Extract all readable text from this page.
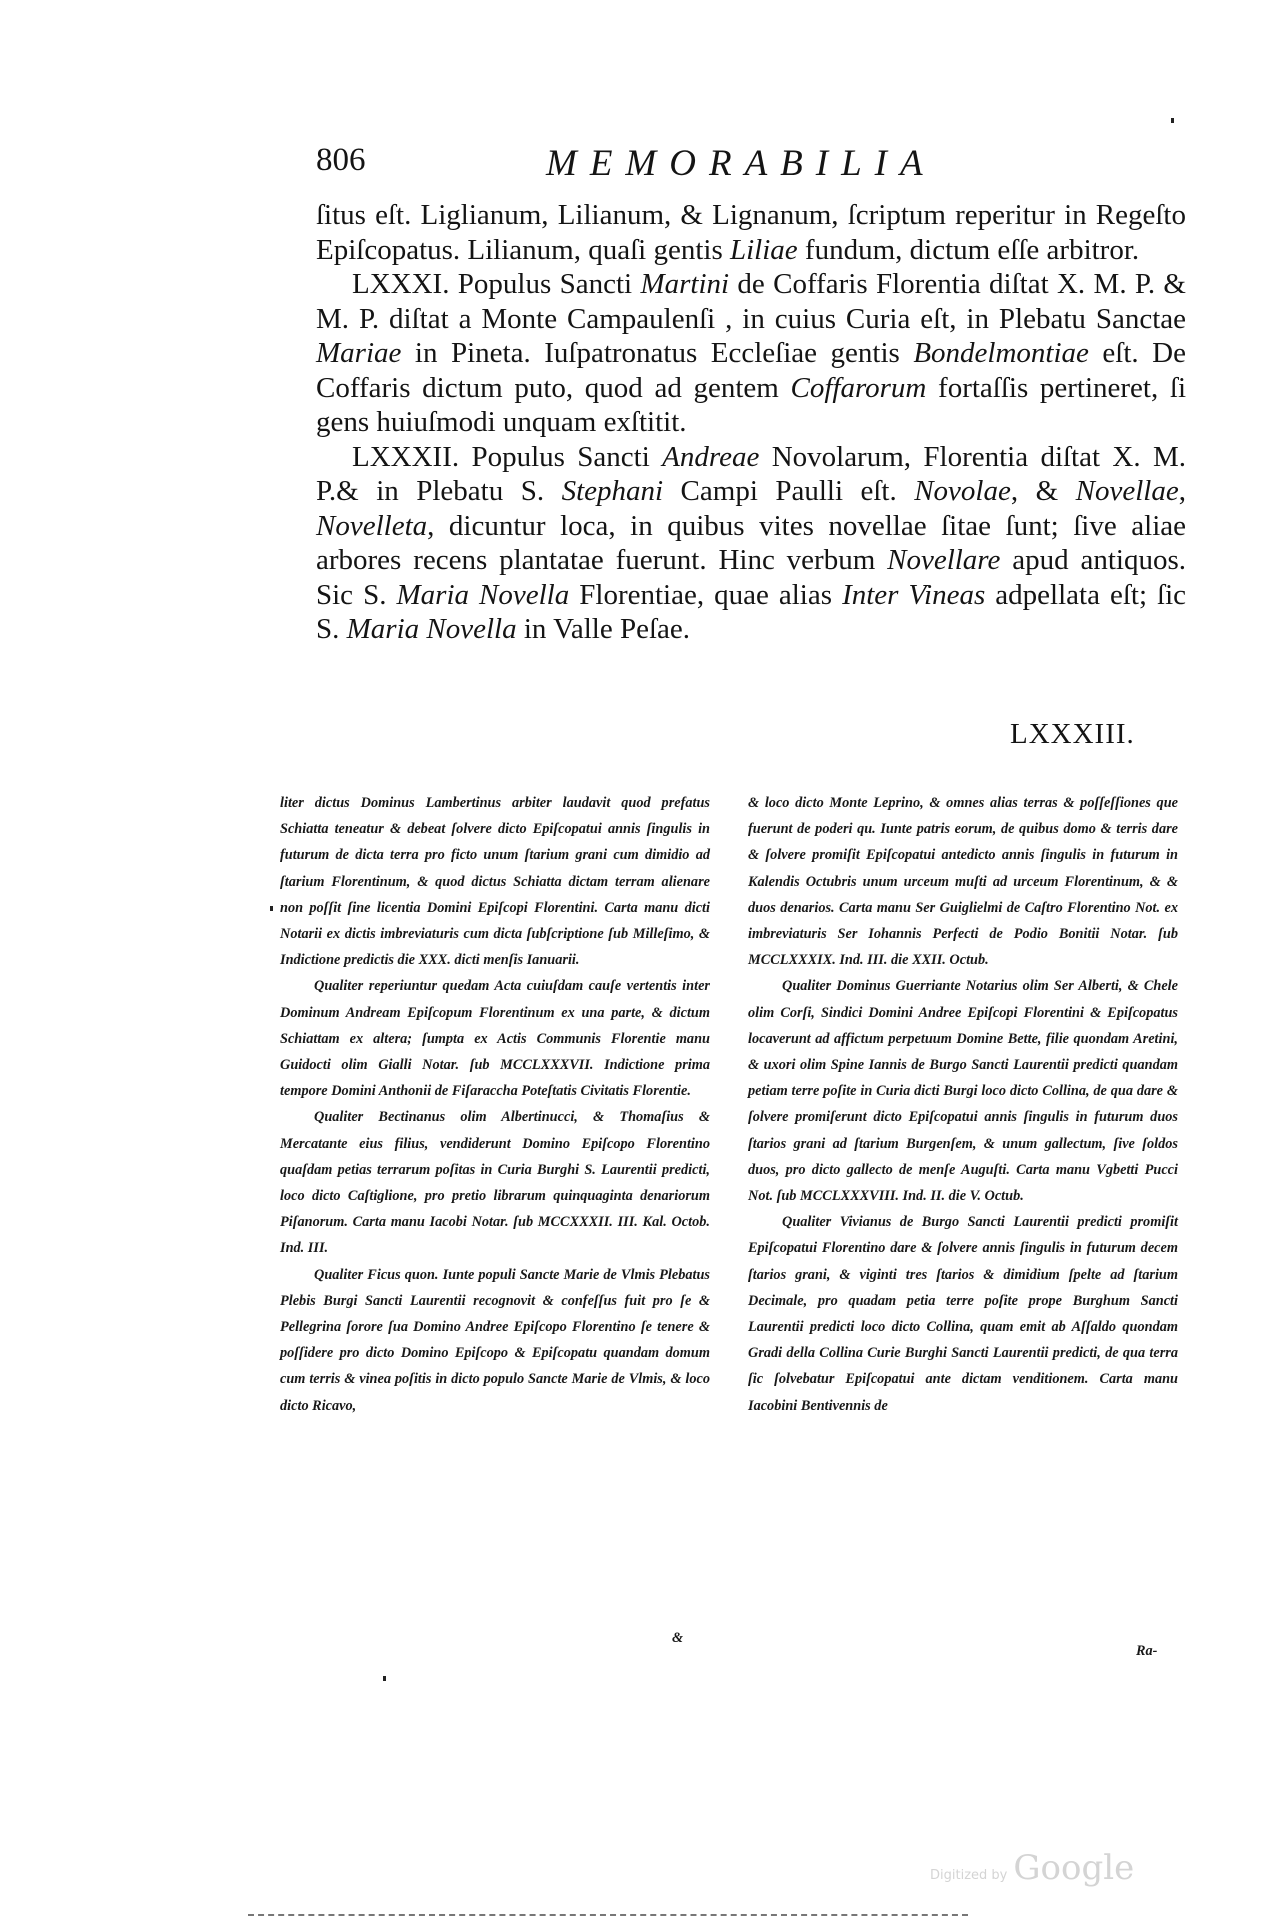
806	MEMORABILIA

ſitus eſt. Liglianum, Lilianum, & Lignanum, ſcriptum reperitur in Regeſto Epiſcopatus. Lilianum, quaſi gentis Liliae fundum, dictum eſſe arbitror.

LXXXI. Populus Sancti Martini de Coffaris Florentia diſtat X. M. P. & M. P. diſtat a Monte Campaulenſi , in cuius Curia eſt, in Plebatu Sanctae Mariae in Pineta. Iuſpatronatus Eccleſiae gentis Bondelmontiae eſt. De Coffaris dictum puto, quod ad gentem Coffarorum fortaſſis pertineret, ſi gens huiuſmodi unquam exſtitit.

LXXXII. Populus Sancti Andreae Novolarum, Florentia diſtat X. M. P.& in Plebatu S. Stephani Campi Paulli eſt. Novolae, & Novellae, Novelleta, dicuntur loca, in quibus vites novellae ſitae ſunt; ſive aliae arbores recens plantatae fuerunt. Hinc verbum Novellare apud antiquos. Sic S. Maria Novella Florentiae, quae alias Inter Vineas adpellata eſt; ſic S. Maria Novella in Valle Peſae.

LXXXIII.

liter dictus Dominus Lambertinus arbiter laudavit quod prefatus Schiatta teneatur & debeat ſolvere dicto Epiſcopatui annis ſingulis in futurum de dicta terra pro ficto unum ſtarium grani cum dimidio ad ſtarium Florentinum, & quod dictus Schiatta dictam terram alienare non poſſit ſine licentia Domini Epiſcopi Florentini. Carta manu dicti Notarii ex dictis imbreviaturis cum dicta ſubſcriptione ſub Milleſimo, & Indictione predictis die XXX. dicti menſis Ianuarii.

Qualiter reperiuntur quedam Acta cuiuſdam cauſe vertentis inter Dominum Andream Epiſcopum Florentinum ex una parte, & dictum Schiattam ex altera; ſumpta ex Actis Communis Florentie manu Guidocti olim Gialli Notar. ſub MCCLXXXVII. Indictione prima tempore Domini Anthonii de Fiſaraccha Poteſtatis Civitatis Florentie.

Qualiter Bectinanus olim Albertinucci, & Thomaſius & Mercatante eius filius, vendiderunt Domino Epiſcopo Florentino quaſdam petias terrarum poſitas in Curia Burghi S. Laurentii predicti, loco dicto Caſtiglione, pro pretio librarum quinquaginta denariorum Piſanorum. Carta manu Iacobi Notar. ſub MCCXXXII. III. Kal. Octob. Ind. III.

Qualiter Ficus quon. Iunte populi Sancte Marie de Vlmis Plebatus Plebis Burgi Sancti Laurentii recognovit & confeſſus fuit pro ſe & Pellegrina ſorore ſua Domino Andree Epiſcopo Florentino ſe tenere & poſſidere pro dicto Domino Epiſcopo & Epiſcopatu quandam domum cum terris & vinea poſitis in dicto populo Sancte Marie de Vlmis, & loco dicto Ricavo,

&

& loco dicto Monte Leprino, & omnes alias terras & poſſeſſiones que fuerunt de poderi qu. Iunte patris eorum, de quibus domo & terris dare & ſolvere promiſit Epiſcopatui antedicto annis ſingulis in futurum in Kalendis Octubris unum urceum muſti ad urceum Florentinum, & & duos denarios. Carta manu Ser Guiglielmi de Caſtro Florentino Not. ex imbreviaturis Ser Iohannis Perfecti de Podio Bonitii Notar. ſub MCCLXXXIX. Ind. III. die XXII. Octub.

Qualiter Dominus Guerriante Notarius olim Ser Alberti, & Chele olim Corſi, Sindici Domini Andree Epiſcopi Florentini & Epiſcopatus locaverunt ad affictum perpetuum Domine Bette, filie quondam Aretini, & uxori olim Spine Iannis de Burgo Sancti Laurentii predicti quandam petiam terre poſite in Curia dicti Burgi loco dicto Collina, de qua dare & ſolvere promiſerunt dicto Epiſcopatui annis ſingulis in futurum duos ſtarios grani ad ſtarium Burgenſem, & unum gallectum, ſive ſoldos duos, pro dicto gallecto de menſe Auguſti. Carta manu Vgbetti Pucci Not. ſub MCCLXXXVIII. Ind. II. die V. Octub.

Qualiter Vivianus de Burgo Sancti Laurentii predicti promiſit Epiſcopatui Florentino dare & ſolvere annis ſingulis in futurum decem ſtarios grani, & viginti tres ſtarios & dimidium ſpelte ad ſtarium Decimale, pro quadam petia terre poſite prope Burghum Sancti Laurentii predicti loco dicto Collina, quam emit ab Aſſaldo quondam Gradi della Collina Curie Burghi Sancti Laurentii predicti, de qua terra ſic ſolvebatur Epiſcopatui ante dictam venditionem. Carta manu Iacobini Bentivennis de

Ra-
Digitized by Google
